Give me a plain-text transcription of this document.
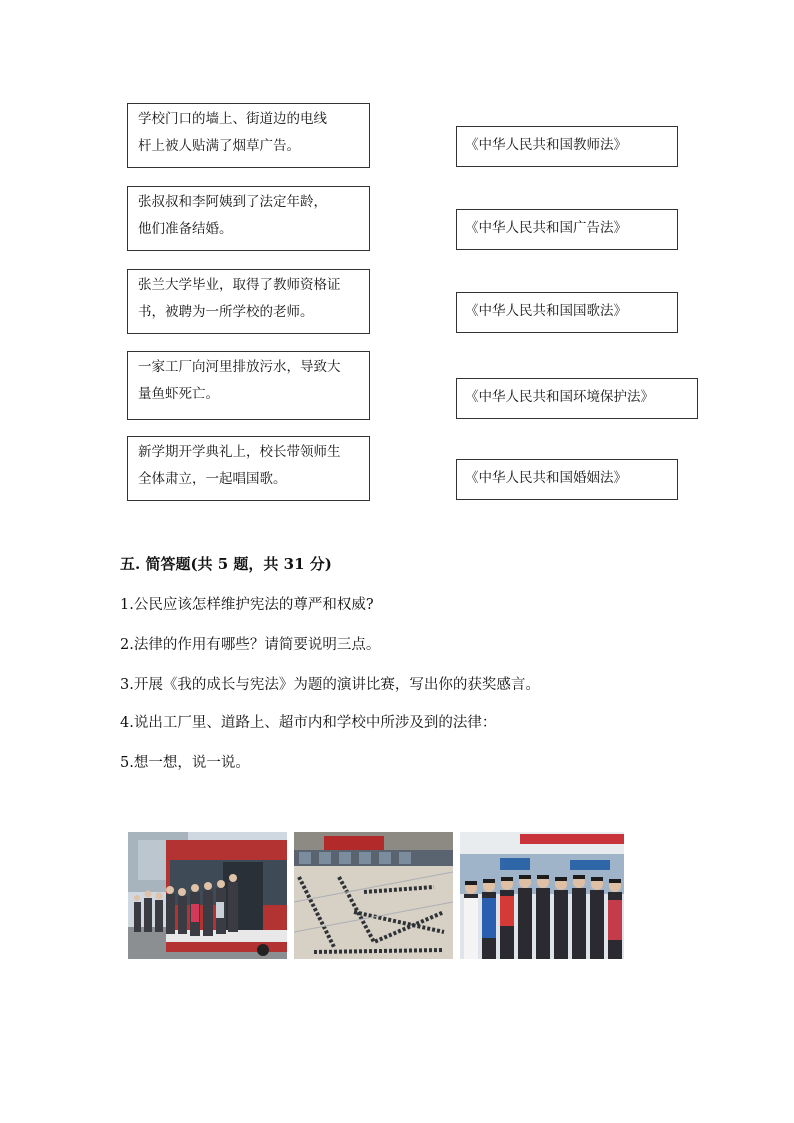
学校门口的墙上、街道边的电线
杆上被人贴满了烟草广告。
张叔叔和李阿姨到了法定年龄，
他们准备结婚。
张兰大学毕业，取得了教师资格证
书，被聘为一所学校的老师。
一家工厂向河里排放污水，导致大
量鱼虾死亡。
新学期开学典礼上，校长带领师生
全体肃立，一起唱国歌。
《中华人民共和国教师法》
《中华人民共和国广告法》
《中华人民共和国国歌法》
《中华人民共和国环境保护法》
《中华人民共和国婚姻法》
五. 简答题(共 5 题，共 31 分)
1.公民应该怎样维护宪法的尊严和权威?
2.法律的作用有哪些？请简要说明三点。
3.开展《我的成长与宪法》为题的演讲比赛，写出你的获奖感言。
4.说出工厂里、道路上、超市内和学校中所涉及到的法律：
5.想一想，说一说。
